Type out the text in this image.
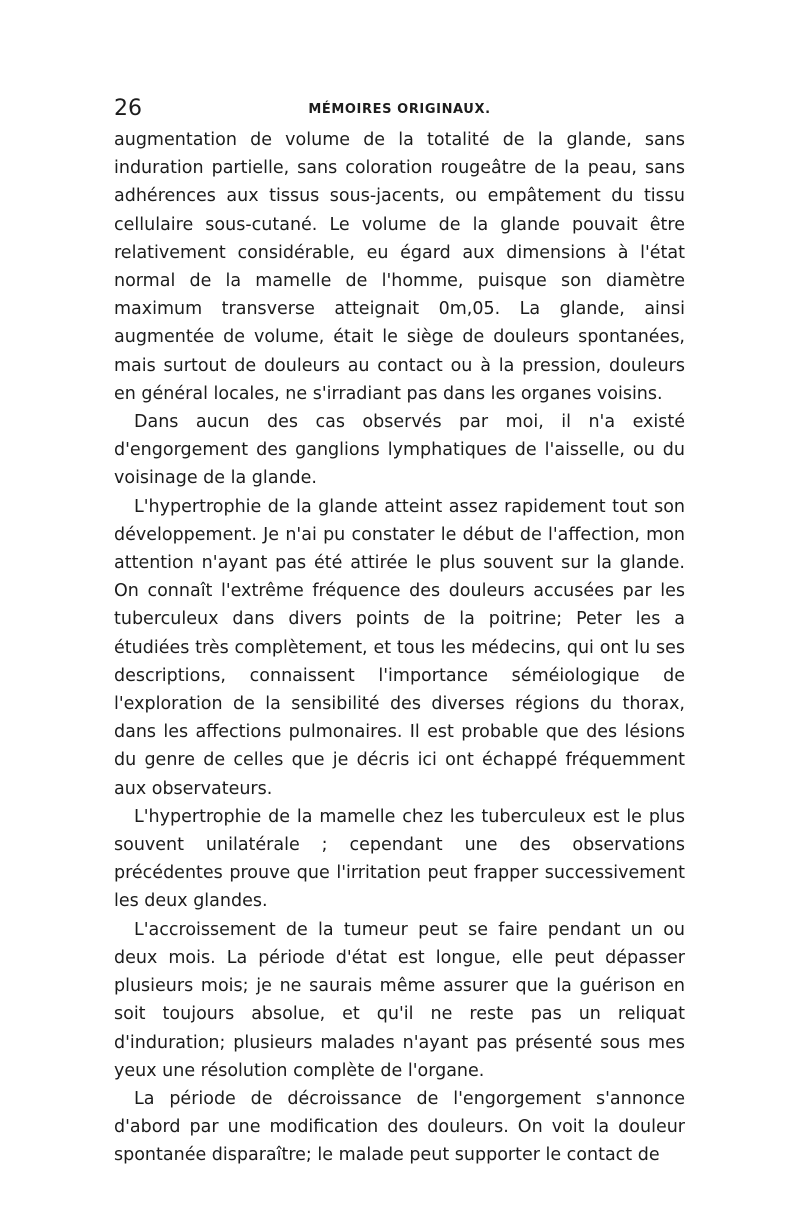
26	MÉMOIRES ORIGINAUX.

augmentation de volume de la totalité de la glande, sans induration partielle, sans coloration rougeâtre de la peau, sans adhérences aux tissus sous-jacents, ou empâtement du tissu cellulaire sous-cutané. Le volume de la glande pouvait être relativement considérable, eu égard aux dimensions à l'état normal de la mamelle de l'homme, puisque son diamètre maximum transverse atteignait 0m,05. La glande, ainsi augmentée de volume, était le siège de douleurs spontanées, mais surtout de douleurs au contact ou à la pression, douleurs en général locales, ne s'irradiant pas dans les organes voisins.

Dans aucun des cas observés par moi, il n'a existé d'engorgement des ganglions lymphatiques de l'aisselle, ou du voisinage de la glande.

L'hypertrophie de la glande atteint assez rapidement tout son développement. Je n'ai pu constater le début de l'affection, mon attention n'ayant pas été attirée le plus souvent sur la glande. On connaît l'extrême fréquence des douleurs accusées par les tuberculeux dans divers points de la poitrine; Peter les a étudiées très complètement, et tous les médecins, qui ont lu ses descriptions, connaissent l'importance séméiologique de l'exploration de la sensibilité des diverses régions du thorax, dans les affections pulmonaires. Il est probable que des lésions du genre de celles que je décris ici ont échappé fréquemment aux observateurs.

L'hypertrophie de la mamelle chez les tuberculeux est le plus souvent unilatérale ; cependant une des observations précédentes prouve que l'irritation peut frapper successivement les deux glandes.

L'accroissement de la tumeur peut se faire pendant un ou deux mois. La période d'état est longue, elle peut dépasser plusieurs mois; je ne saurais même assurer que la guérison en soit toujours absolue, et qu'il ne reste pas un reliquat d'induration; plusieurs malades n'ayant pas présenté sous mes yeux une résolution complète de l'organe.

La période de décroissance de l'engorgement s'annonce d'abord par une modification des douleurs. On voit la douleur spontanée disparaître; le malade peut supporter le contact de
